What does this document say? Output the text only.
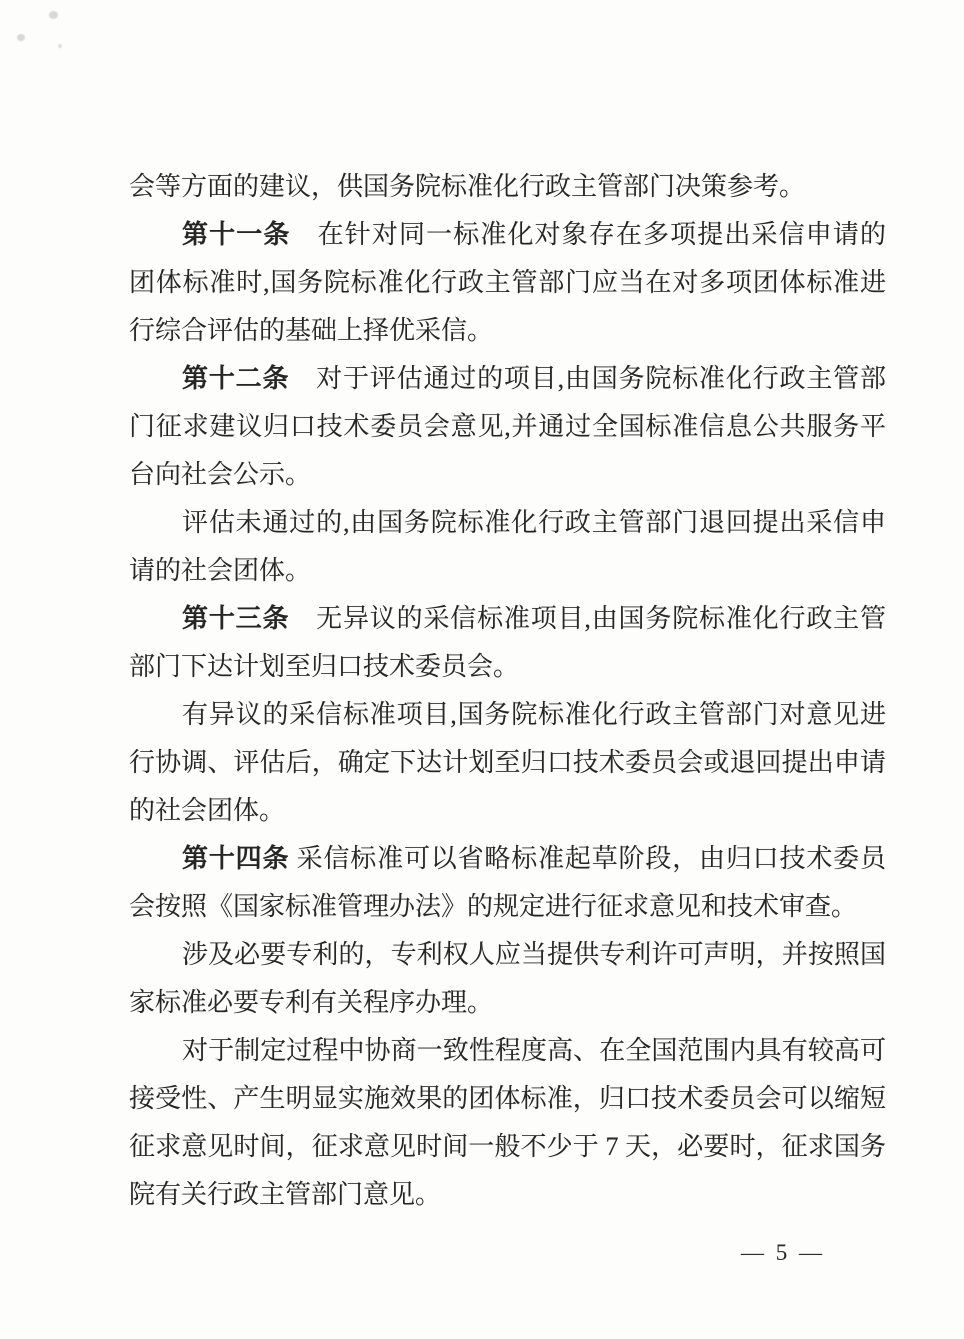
会等方面的建议，供国务院标准化行政主管部门决策参考。
第十一条　在针对同一标准化对象存在多项提出采信申请的
团体标准时,国务院标准化行政主管部门应当在对多项团体标准进
行综合评估的基础上择优采信。
第十二条　对于评估通过的项目,由国务院标准化行政主管部
门征求建议归口技术委员会意见,并通过全国标准信息公共服务平
台向社会公示。
评估未通过的,由国务院标准化行政主管部门退回提出采信申
请的社会团体。
第十三条　无异议的采信标准项目,由国务院标准化行政主管
部门下达计划至归口技术委员会。
有异议的采信标准项目,国务院标准化行政主管部门对意见进
行协调、评估后，确定下达计划至归口技术委员会或退回提出申请
的社会团体。
第十四条 采信标准可以省略标准起草阶段，由归口技术委员
会按照《国家标准管理办法》的规定进行征求意见和技术审查。
涉及必要专利的，专利权人应当提供专利许可声明，并按照国
家标准必要专利有关程序办理。
对于制定过程中协商一致性程度高、在全国范围内具有较高可
接受性、产生明显实施效果的团体标准，归口技术委员会可以缩短
征求意见时间，征求意见时间一般不少于 7 天，必要时，征求国务
院有关行政主管部门意见。
— 5 —
